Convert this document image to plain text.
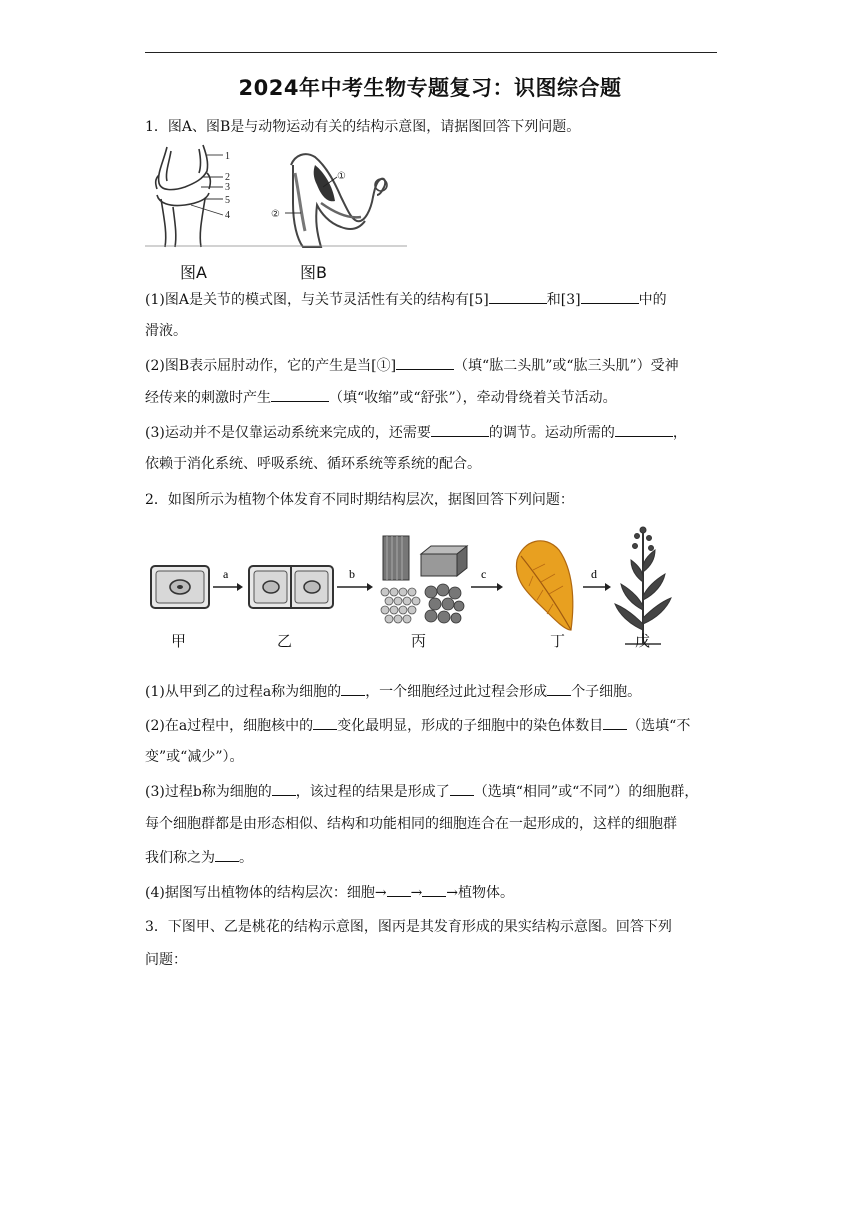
2024年中考生物专题复习：识图综合题
1．图A、图B是与动物运动有关的结构示意图，请据图回答下列问题。
1
2
3
5
4
①
②
图A	图B
(1)图A是关节的模式图，与关节灵活性有关的结构有[5]	和[3]	中的
滑液。
(2)图B表示屈肘动作，它的产生是当[①]	（填“肱二头肌”或“肱三头肌”）受神
经传来的刺激时产生	（填“收缩”或“舒张”），牵动骨绕着关节活动。
(3)运动并不是仅靠运动系统来完成的，还需要	的调节。运动所需的	，
依赖于消化系统、呼吸系统、循环系统等系统的配合。
2．如图所示为植物个体发育不同时期结构层次，据图回答下列问题：
a	b	c	d
甲	乙	丙	丁	戊
(1)从甲到乙的过程a称为细胞的 ，一个细胞经过此过程会形成 个子细胞。
(2)在a过程中，细胞核中的 变化最明显，形成的子细胞中的染色体数目 （选填“不
变”或“减少”）。
(3)过程b称为细胞的 ，该过程的结果是形成了 （选填“相同”或“不同”）的细胞群，
每个细胞群都是由形态相似、结构和功能相同的细胞连合在一起形成的，这样的细胞群
我们称之为 。
(4)据图写出植物体的结构层次：细胞→ → →植物体。
3．下图甲、乙是桃花的结构示意图，图丙是其发育形成的果实结构示意图。回答下列
问题：
